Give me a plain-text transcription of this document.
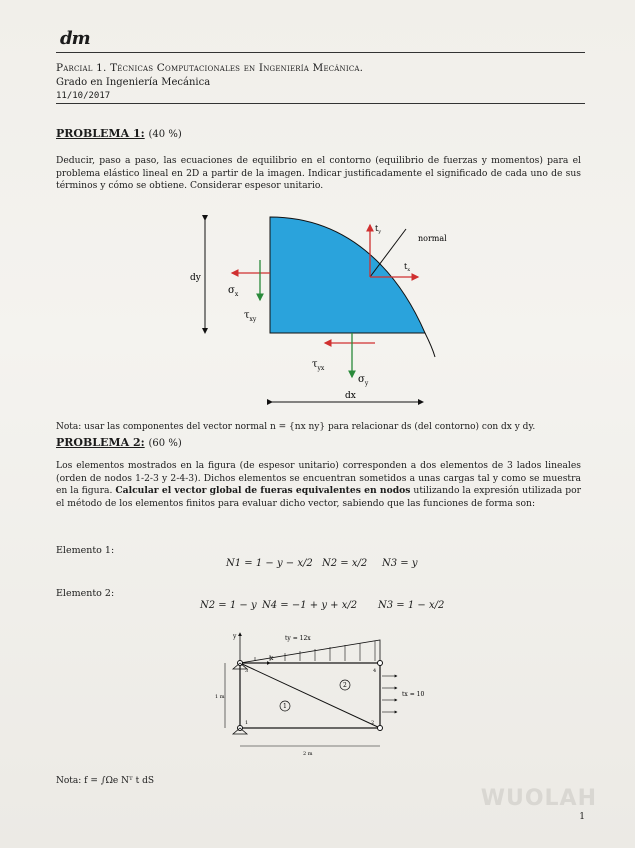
dm
Parcial 1. Técnicas Computacionales en Ingeniería Mecánica.
Grado en Ingeniería Mecánica
11/10/2017
PROBLEMA 1: (40 %)
Deducir, paso a paso, las ecuaciones de equilibrio en el contorno (equilibrio de fuerzas y momentos) para el problema elástico lineal en 2D a partir de la imagen. Indicar justificadamente el significado de cada uno de sus términos y cómo se obtiene. Considerar espesor unitario.
dy
dx
$\sigma_x$
$\tau_{xy}$
$\tau_{yx}$
$\sigma_y$
normal
$t_y$
$t_x$
Nota: usar las componentes del vector normal n = {nx ny} para relacionar ds (del contorno) con dx y dy.
PROBLEMA 2: (60 %)
Los elementos mostrados en la figura (de espesor unitario) corresponden a dos elementos de 3 lados lineales (orden de nodos 1-2-3 y 2-4-3). Dichos elementos se encuentran sometidos a unas cargas tal y como se muestra en la figura. Calcular el vector global de fueras equivalentes en nodos utilizando la expresión utilizada por el método de los elementos finitos para evaluar dicho vector, sabiendo que las funciones de forma son:
Elemento 1:
N1 = 1 − y − x/2 N2 = x/2 N3 = y
Elemento 2:
N2 = 1 − y N4 = −1 + y + x/2 N3 = 1 − x/2
y
x
ty = 12x
1	2
3	4
1
2
tx = 10
1 m
2 m
Nota: f = ∫Ωe Nᵀ t dS
WUOLAH
1
